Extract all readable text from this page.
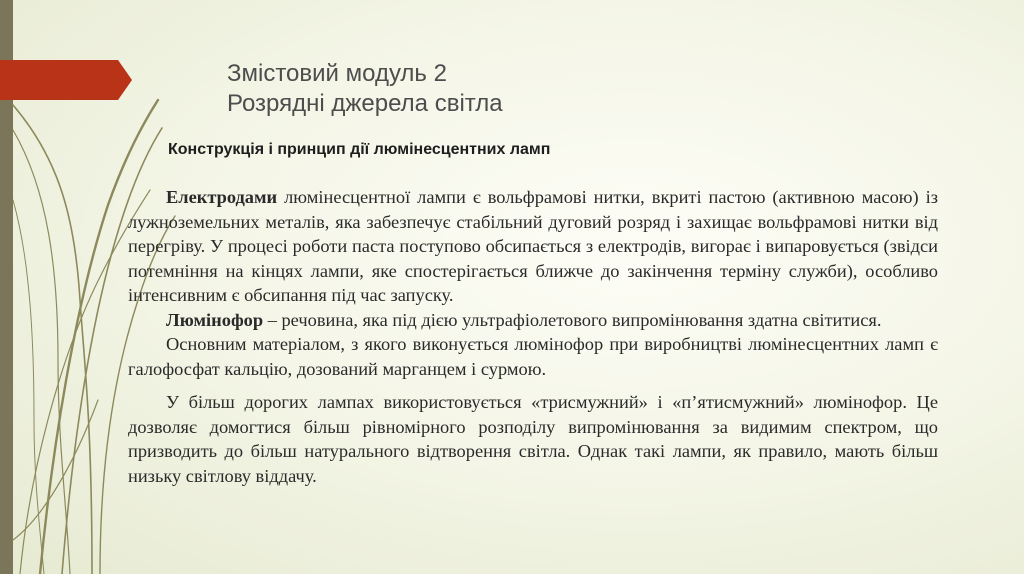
Змістовий модуль 2
Розрядні джерела світла
Конструкція і принцип дії люмінесцентних ламп

Електродами люмінесцентної лампи є вольфрамові нитки, вкриті пастою (активною масою) із лужноземельних металів, яка забезпечує стабільний дуговий розряд і захищає вольфрамові нитки від перегріву. У процесі роботи паста поступово обсипається з електродів, вигорає і випаровується (звідси потемніння на кінцях лампи, яке спостерігається ближче до закінчення терміну служби), особливо інтенсивним є обсипання під час запуску.

Люмінофор – речовина, яка під дією ультрафіолетового випромінювання здатна світитися.

Основним матеріалом, з якого виконується люмінофор при виробництві люмінесцентних ламп є галофосфат кальцію, дозований марганцем і сурмою.

У більш дорогих лампах використовується «трисмужний» і «п’ятисмужний» люмінофор. Це дозволяє домогтися більш рівномірного розподілу випромінювання за видимим спектром, що призводить до більш натурального відтворення світла. Однак такі лампи, як правило, мають більш низьку світлову віддачу.
